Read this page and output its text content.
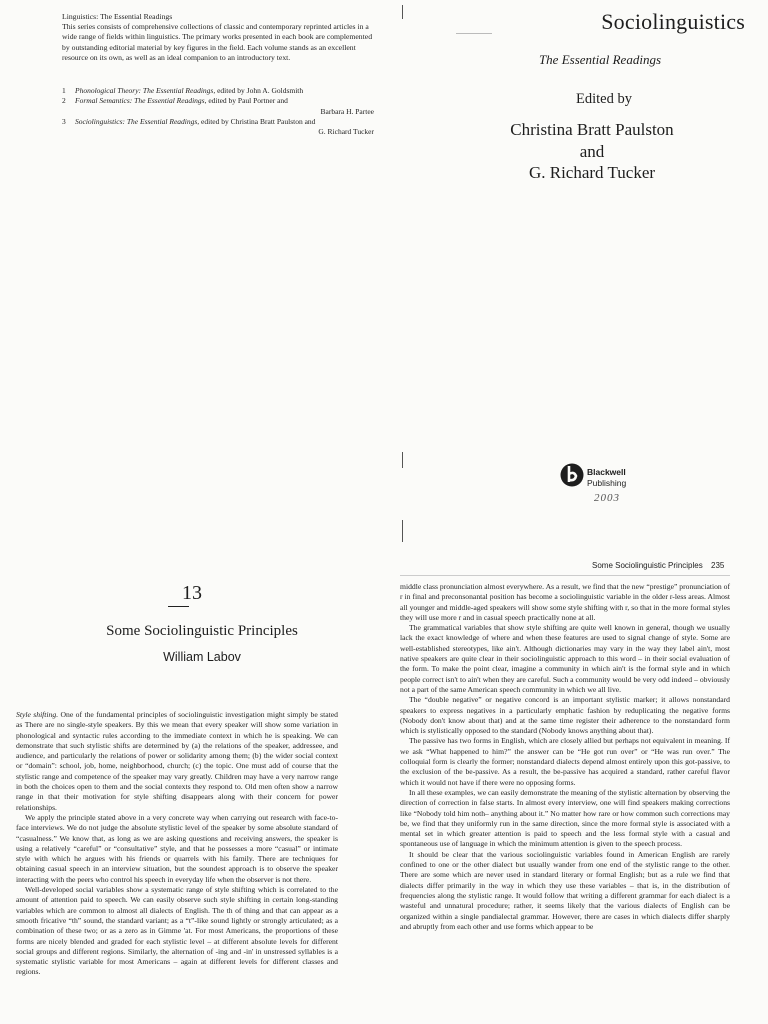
Linguistics: The Essential Readings
This series consists of comprehensive collections of classic and contemporary reprinted articles in a wide range of fields within linguistics. The primary works presented in each book are complemented by outstanding editorial material by key figures in the field. Each volume stands as an excellent resource on its own, as well as an ideal companion to an introductory text.
1	Phonological Theory: The Essential Readings, edited by John A. Goldsmith
2	Formal Semantics: The Essential Readings, edited by Paul Portner and
Barbara H. Partee
3	Sociolinguistics: The Essential Readings, edited by Christina Bratt Paulston and
G. Richard Tucker
Sociolinguistics
The Essential Readings
Edited by
Christina Bratt Paulston
and
G. Richard Tucker
Blackwell
Publishing
2003
13
Some Sociolinguistic Principles
William Labov

Style shifting. One of the fundamental principles of sociolinguistic investigation might simply be stated as There are no single-style speakers. By this we mean that every speaker will show some variation in phonological and syntactic rules according to the immediate context in which he is speaking. We can demonstrate that such stylistic shifts are determined by (a) the relations of the speaker, addressee, and audience, and particularly the relations of power or solidarity among them; (b) the wider social context or “domain”: school, job, home, neighborhood, church; (c) the topic. One must add of course that the stylistic range and competence of the speaker may vary greatly. Children may have a very narrow range in both the choices open to them and the social contexts they respond to. Old men often show a narrow range in that their motivation for style shifting disappears along with their concern for power relationships.

We apply the principle stated above in a very concrete way when carrying out research with face-to-face interviews. We do not judge the absolute stylistic level of the speaker by some absolute standard of “casualness.” We know that, as long as we are asking questions and receiving answers, the speaker is using a relatively “careful” or “consultative” style, and that he possesses a more “casual” or intimate style with which he argues with his friends or quarrels with his family. There are techniques for obtaining casual speech in an interview situation, but the soundest approach is to observe the speaker interacting with the peers who control his speech in everyday life when the observer is not there.

Well-developed social variables show a systematic range of style shifting which is correlated to the amount of attention paid to speech. We can easily observe such style shifting in certain long-standing variables which are common to almost all dialects of English. The th of thing and that can appear as a smooth fricative “th” sound, the standard variant; as a “t”-like sound lightly or strongly articulated; as a combination of these two; or as a zero as in Gimme 'at. For most Americans, the proportions of these forms are nicely blended and graded for each stylistic level – at different absolute levels for different social groups and different regions. Similarly, the alternation of -ing and -in' in unstressed syllables is a systematic stylistic variable for most Americans – again at different levels for different classes and regions.

Some Sociolinguistic Principles 235

middle class pronunciation almost everywhere. As a result, we find that the new “prestige” pronunciation of r in final and preconsonantal position has become a sociolinguistic variable in the older r-less areas. Almost all younger and middle-aged speakers will show some style shifting with r, so that in the more formal styles they will use more r and in casual speech practically none at all.

The grammatical variables that show style shifting are quite well known in general, though we usually lack the exact knowledge of where and when these features are used to signal change of style. Some are well-established stereotypes, like ain't. Although dictionaries may vary in the way they label ain't, most native speakers are quite clear in their sociolinguistic approach to this word – in their social evaluation of the form. To make the point clear, imagine a community in which ain't is the formal style and in which people correct isn't to ain't when they are careful. Such a community would be very odd indeed – obviously not a part of the same American speech community in which we all live.

The “double negative” or negative concord is an important stylistic marker; it allows nonstandard speakers to express negatives in a particularly emphatic fashion by reduplicating the negative forms (Nobody don't know about that) and at the same time register their adherence to the nonstandard form which is stylistically opposed to the standard (Nobody knows anything about that).

The passive has two forms in English, which are closely allied but perhaps not equivalent in meaning. If we ask “What happened to him?” the answer can be “He got run over” or “He was run over.” The colloquial form is clearly the former; nonstandard dialects depend almost entirely upon this got-passive, to the exclusion of the be-passive. As a result, the be-passive has acquired a standard, rather careful flavor which it would not have if there were no opposing forms.

In all these examples, we can easily demonstrate the meaning of the stylistic alternation by observing the direction of correction in false starts. In almost every interview, one will find speakers making corrections like “Nobody told him noth– anything about it.” No matter how rare or how common such corrections may be, we find that they uniformly run in the same direction, since the more formal style is associated with a mental set in which greater attention is paid to speech and the less formal style with a casual and spontaneous use of language in which the minimum attention is given to the speech process.

It should be clear that the various sociolinguistic variables found in American English are rarely confined to one or the other dialect but usually wander from one end of the stylistic range to the other. There are some which are never used in standard literary or formal English; but as a rule we find that dialects differ primarily in the way in which they use these variables – that is, in the distribution of frequencies along the stylistic range. It would follow that writing a different grammar for each dialect is a wasteful and unnatural procedure; rather, it seems likely that the various dialects of English can be organized within a single pandialectal grammar. However, there are cases in which dialects differ sharply and abruptly from each other and use forms which appear to be
